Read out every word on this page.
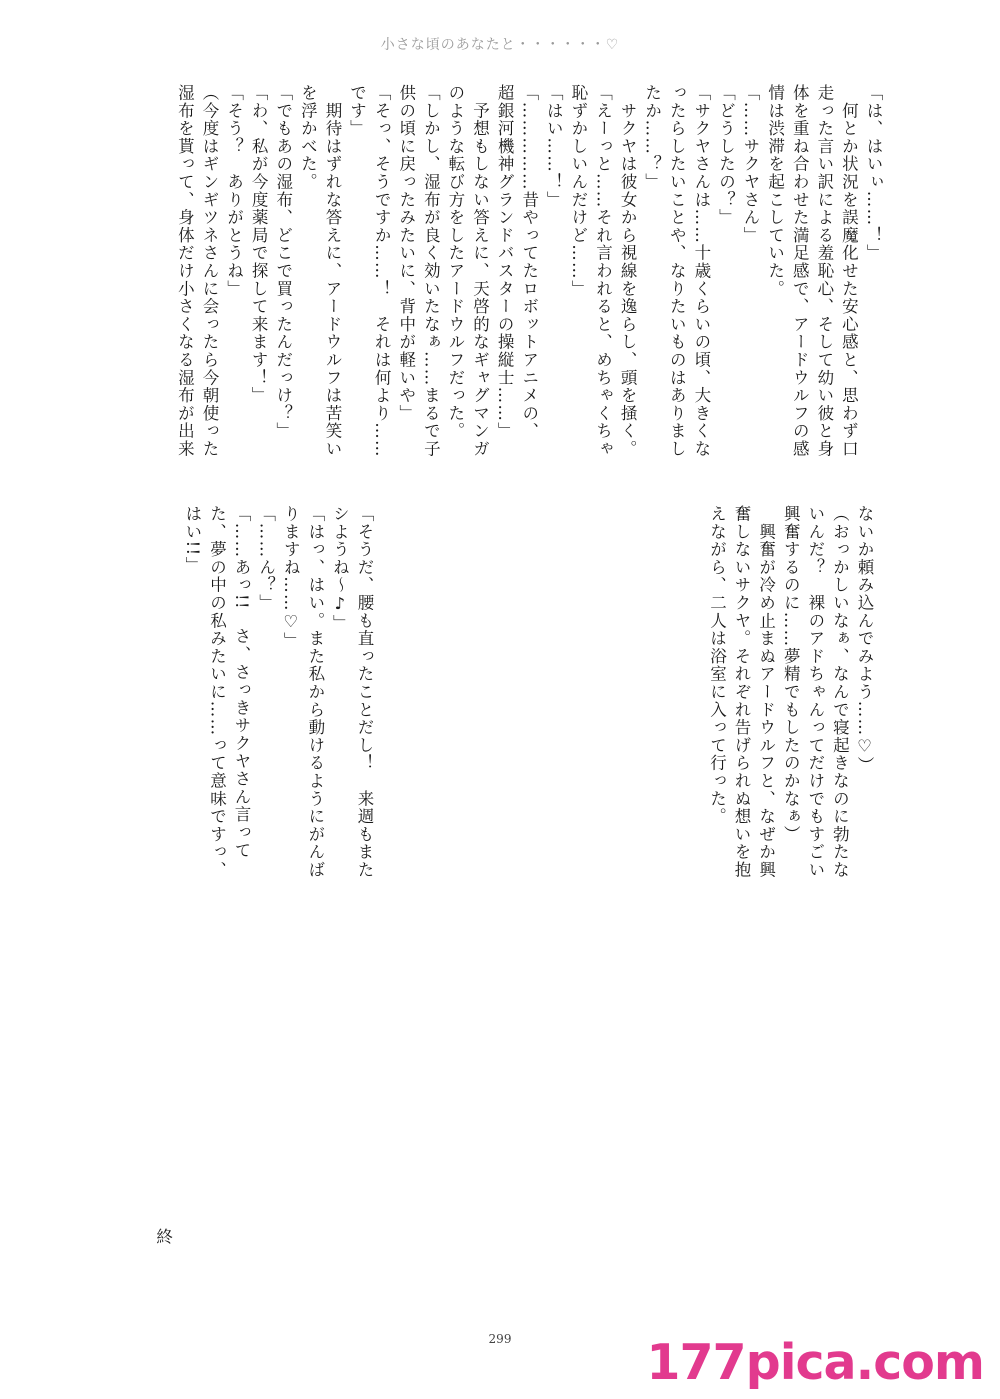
小さな頃のあなたと・・・・・・♡

「は、はいぃ……！」

　何とか状況を誤魔化せた安心感と、思わず口

走った言い訳による羞恥心、そして幼い彼と身

体を重ね合わせた満足感で、アードウルフの感

情は渋滞を起こしていた。

「……サクヤさん」

「どうしたの？」

「サクヤさんは……十歳くらいの頃、大きくな

ったらしたいことや、なりたいものはありまし

たか……？」

　サクヤは彼女から視線を逸らし、頭を掻く。

「えーっと……それ言われると、めちゃくちゃ

恥ずかしいんだけど……」

「はい……！」

「……………昔やってたロボットアニメの、

超銀河機神グランドバスターの操縦士……」

　予想もしない答えに、天啓的なギャグマンガ

のような転び方をしたアードウルフだった。

「しかし、湿布が良く効いたなぁ……まるで子

供の頃に戻ったみたいに、背中が軽いや」

「そっ、そうですか……！　それは何より……

です」

　期待はずれな答えに、アードウルフは苦笑い

を浮かべた。

「でもあの湿布、どこで買ったんだっけ？」

「わ、私が今度薬局で探して来ます！」

「そう？　ありがとうね」

（今度はギンギツネさんに会ったら今朝使った

湿布を貰って、身体だけ小さくなる湿布が出来

ないか頼み込んでみよう……♡）

（おっかしいなぁ、なんで寝起きなのに勃たな

いんだ？　裸のアドちゃんってだけでもすごい

興奮するのに……夢精でもしたのかなぁ）

　興奮が冷め止まぬアードウルフと、なぜか興

奮しないサクヤ。それぞれ告げられぬ想いを抱

えながら、二人は浴室に入って行った。

「そうだ、腰も直ったことだし！　来週もまた

シようね〜♪」

「はっ、はい。また私から動けるようにがんば

りますね……♡」

「……ん？」

「……あっ!!　さ、さっきサクヤさん言って

た、夢の中の私みたいに……って意味ですっ、

はい!!」

終
299	177pica.com
